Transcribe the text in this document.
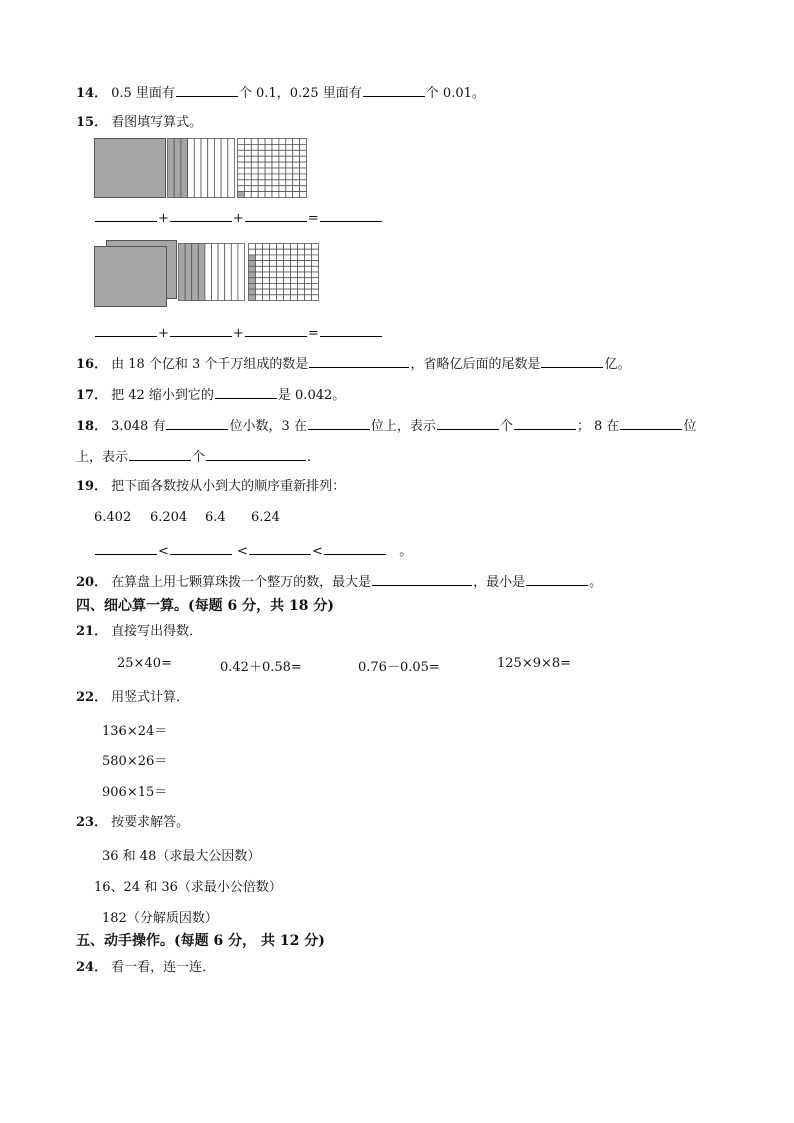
14． 0.5 里面有	个 0.1，0.25 里面有	个 0.01。
15． 看图填写算式。
+	+	=
+	+	=
16． 由 18 个亿和 3 个千万组成的数是	，省略亿后面的尾数是	亿。
17． 把 42 缩小到它的	是 0.042。
18． 3.048 有	位小数，3 在	位上，表示	个	； 8 在	位
上，表示	个	.
19． 把下面各数按从小到大的顺序重新排列：
6.402 6.204 6.4 6.24
<	<	<	。
20． 在算盘上用七颗算珠拨一个整万的数，最大是	，最小是	。
四、细心算一算。(每题 6 分，共 18 分)
21． 直接写出得数．
25×40=	0.42＋0.58=	0.76－0.05=	125×9×8=
22． 用竖式计算．
136×24＝
580×26＝
906×15＝
23． 按要求解答。
36 和 48（求最大公因数）
16、24 和 36（求最小公倍数）
182（分解质因数）
五、动手操作。(每题 6 分， 共 12 分)
24． 看一看，连一连．
